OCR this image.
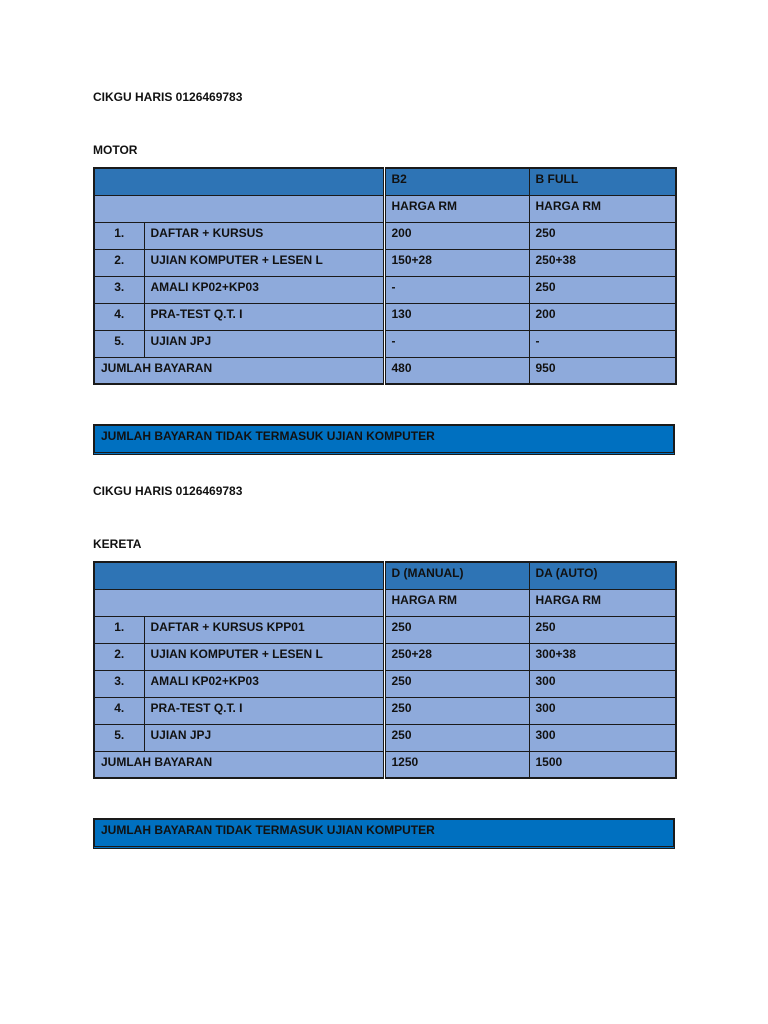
CIKGU HARIS 0126469783

MOTOR

		B2	B FULL
		HARGA RM	HARGA RM
1.	DAFTAR + KURSUS	200	250
2.	UJIAN KOMPUTER + LESEN L	150+28	250+38
3.	AMALI KP02+KP03	-	250
4.	PRA-TEST Q.T. I	130	200
5.	UJIAN JPJ	-	-
JUMLAH BAYARAN		480	950
JUMLAH BAYARAN TIDAK TERMASUK UJIAN KOMPUTER

CIKGU HARIS 0126469783

KERETA

		D (MANUAL)	DA (AUTO)
		HARGA RM	HARGA RM
1.	DAFTAR + KURSUS KPP01	250	250
2.	UJIAN KOMPUTER + LESEN L	250+28	300+38
3.	AMALI KP02+KP03	250	300
4.	PRA-TEST Q.T. I	250	300
5.	UJIAN JPJ	250	300
JUMLAH BAYARAN		1250	1500
JUMLAH BAYARAN TIDAK TERMASUK UJIAN KOMPUTER
